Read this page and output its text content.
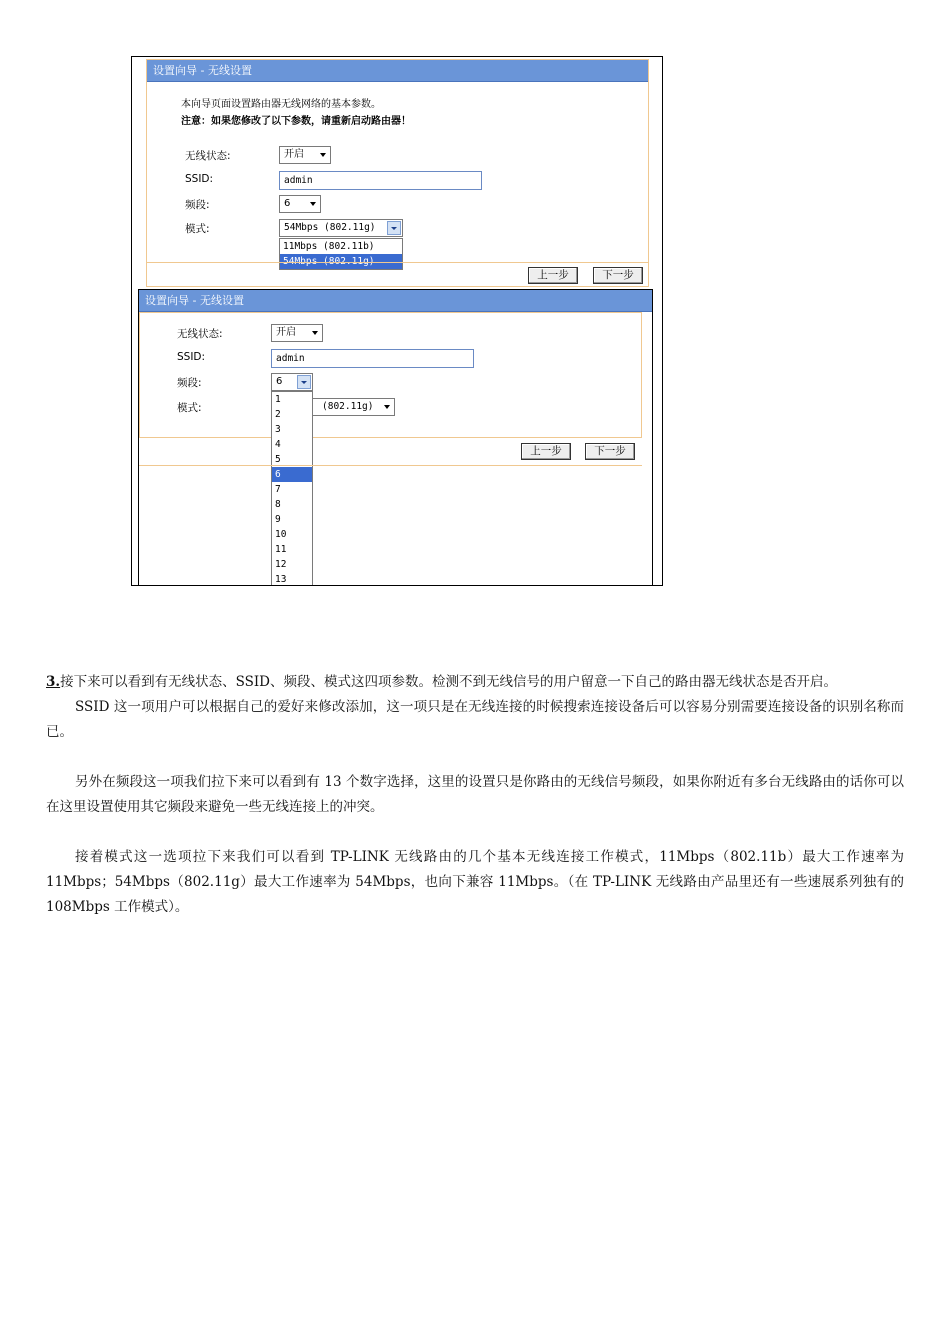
设置向导 - 无线设置
本向导页面设置路由器无线网络的基本参数。
注意：如果您修改了以下参数，请重新启动路由器！
无线状态:	开启
SSID:	admin
频段:	6
模式:	54Mbps (802.11g)
11Mbps (802.11b)
上一步	下一步
设置向导 - 无线设置
无线状态:	开启
SSID:	admin
频段:	6
模式:	(802.11g)
1
2
3
4
5
6
7
8
9
10
11
12
13
上一步	下一步
3.接下来可以看到有无线状态、SSID、频段、模式这四项参数。检测不到无线信号的用户留意一下自己的路由器无线状态是否开启。
SSID 这一项用户可以根据自己的爱好来修改添加，这一项只是在无线连接的时候搜索连接设备后可以容易分别需要连接设备的识别名称而已。
另外在频段这一项我们拉下来可以看到有 13 个数字选择，这里的设置只是你路由的无线信号频段，如果你附近有多台无线路由的话你可以在这里设置使用其它频段来避免一些无线连接上的冲突。
接着模式这一选项拉下来我们可以看到 TP-LINK 无线路由的几个基本无线连接工作模式，11Mbps（802.11b）最大工作速率为 11Mbps；54Mbps（802.11g）最大工作速率为 54Mbps，也向下兼容 11Mbps。（在 TP-LINK 无线路由产品里还有一些速展系列独有的 108Mbps 工作模式）。
